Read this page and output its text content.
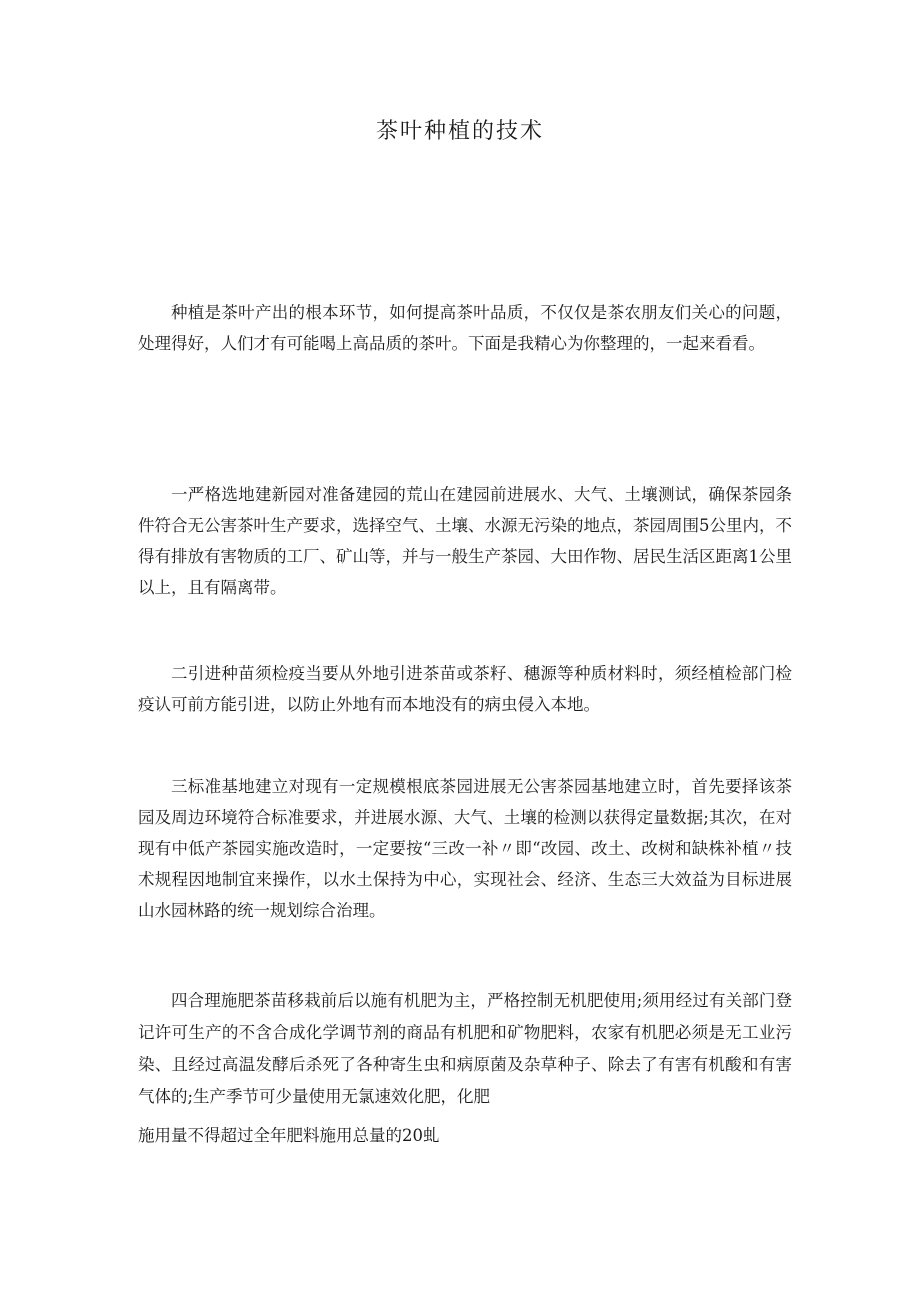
茶叶种植的技术

种植是茶叶产出的根本环节，如何提高茶叶品质，不仅仅是茶农朋友们关心的问题，处理得好，人们才有可能喝上高品质的茶叶。下面是我精心为你整理的，一起来看看。

一严格选地建新园对准备建园的荒山在建园前进展水、大气、土壤测试，确保茶园条件符合无公害茶叶生产要求，选择空气、土壤、水源无污染的地点，茶园周围5公里内，不得有排放有害物质的工厂、矿山等，并与一般生产茶园、大田作物、居民生活区距离1公里以上，且有隔离带。

二引进种苗须检疫当要从外地引进茶苗或茶籽、穗源等种质材料时，须经植检部门检疫认可前方能引进，以防止外地有而本地没有的病虫侵入本地。

三标准基地建立对现有一定规模根底茶园进展无公害茶园基地建立时，首先要择该茶园及周边环境符合标准要求，并进展水源、大气、土壤的检测以获得定量数据;其次，在对现有中低产茶园实施改造时，一定要按“三改一补〃即“改园、改土、改树和缺株补植〃技术规程因地制宜来操作，以水土保持为中心，实现社会、经济、生态三大效益为目标进展山水园林路的统一规划综合治理。

四合理施肥茶苗移栽前后以施有机肥为主，严格控制无机肥使用;须用经过有关部门登记许可生产的不含合成化学调节剂的商品有机肥和矿物肥料，农家有机肥必须是无工业污染、且经过高温发酵后杀死了各种寄生虫和病原菌及杂草种子、除去了有害有机酸和有害气体的;生产季节可少量使用无氯速效化肥，化肥

施用量不得超过全年肥料施用总量的20虬
